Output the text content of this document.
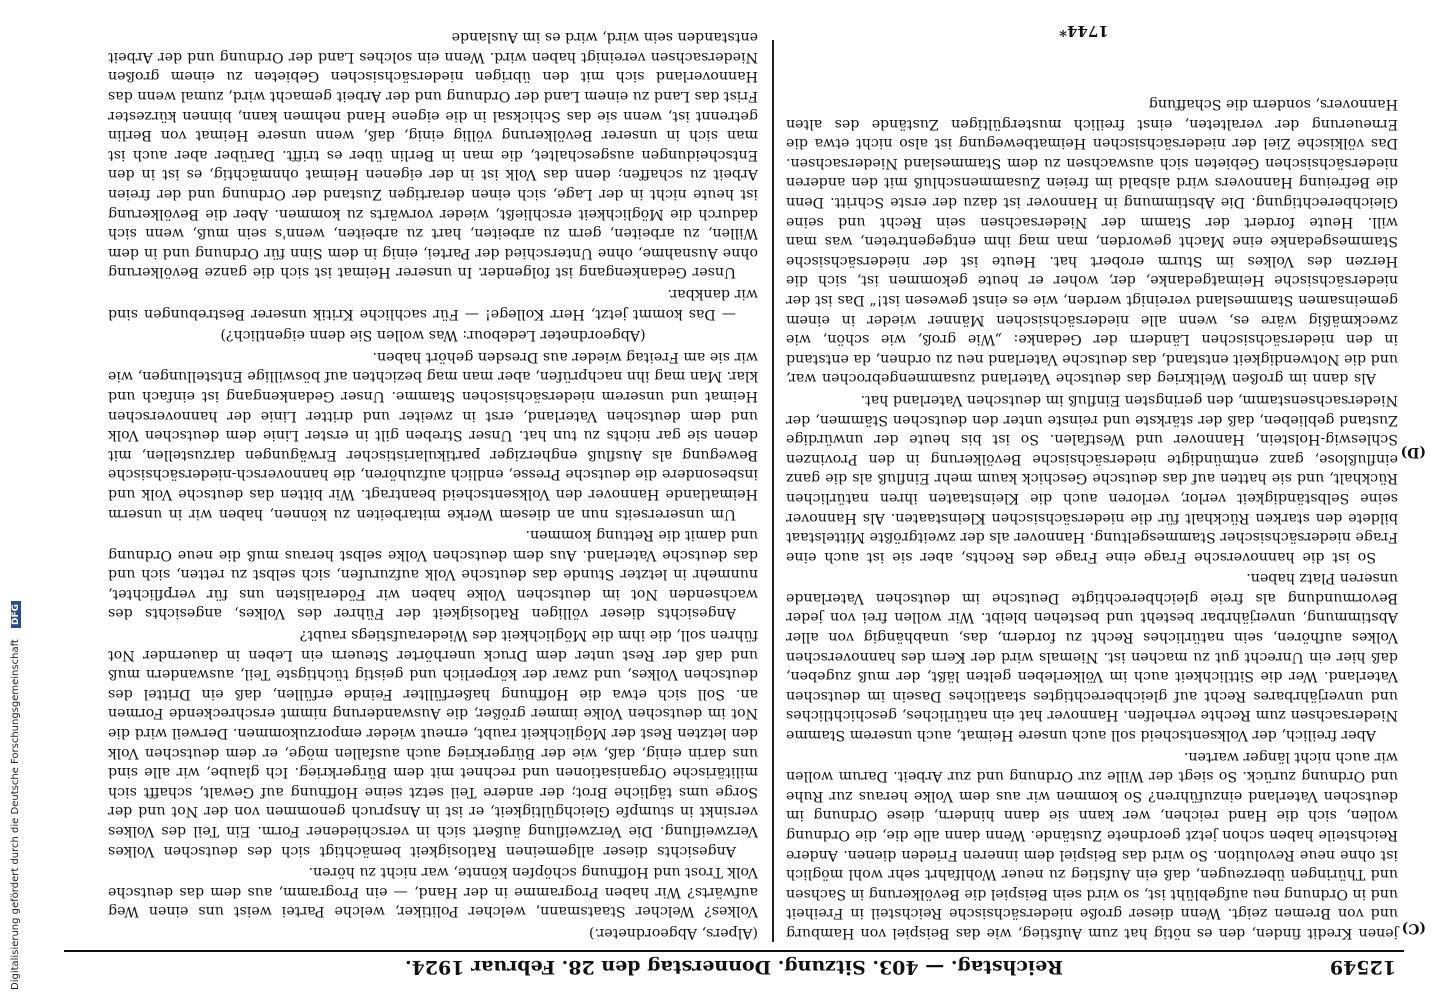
Digitalisierung gefördert durch die Deutsche Forschungsgemeinschaft DFG
12549
Reichstag. — 403. Sitzung. Donnerstag den 28. Februar 1924.
(C)
(D)

jenen Kredit finden, den es nötig hat zum Aufstieg, wie das Beispiel von Hamburg und von Bremen zeigt. Wenn dieser große niedersächsische Reichsteil in Freiheit und in Ordnung neu aufgeblüht ist, so wird sein Beispiel die Bevölkerung in Sachsen und Thüringen überzeugen, daß ein Aufstieg zu neuer Wohlfahrt sehr wohl möglich ist ohne neue Revolution. So wird das Beispiel dem inneren Frieden dienen. Andere Reichsteile haben schon jetzt geordnete Zustände. Wenn dann alle die, die Ordnung wollen, sich die Hand reichen, wer kann sie dann hindern, diese Ordnung im deutschen Vaterland einzuführen? So kommen wir aus dem Volke heraus zur Ruhe und Ordnung zurück. So siegt der Wille zur Ordnung und zur Arbeit. Darum wollen wir auch nicht länger warten.

Aber freilich, der Volksentscheid soll auch unsere Heimat, auch unserem Stamme Niedersachsen zum Rechte verhelfen. Hannover hat ein natürliches, geschichtliches und unverjährbares Recht auf gleichberechtigtes staatliches Dasein im deutschen Vaterland. Wer die Sittlichkeit auch im Völkerleben gelten läßt, der muß zugeben, daß hier ein Unrecht gut zu machen ist. Niemals wird der Kern des hannoverschen Volkes aufhören, sein natürliches Recht zu fordern, das, unabhängig von aller Abstimmung, unverjährbar besteht und bestehen bleibt. Wir wollen frei von jeder Bevormundung als freie gleichberechtigte Deutsche im deutschen Vaterlande unseren Platz haben.

So ist die hannoversche Frage eine Frage des Rechts, aber sie ist auch eine Frage niedersächsischer Stammesgeltung. Hannover als der zweitgrößte Mittelstaat bildete den starken Rückhalt für die niedersächsischen Kleinstaaten. Als Hannover seine Selbständigkeit verlor, verloren auch die Kleinstaaten ihren natürlichen Rückhalt, und sie hatten auf das deutsche Geschick kaum mehr Einfluß als die ganz einflußlose, ganz entmündigte niedersächsische Bevölkerung in den Provinzen Schleswig-Holstein, Hannover und Westfalen. So ist bis heute der unwürdige Zustand geblieben, daß der stärkste und reinste unter den deutschen Stämmen, der Niedersachsenstamm, den geringsten Einfluß im deutschen Vaterland hat.

Als dann im großen Weltkrieg das deutsche Vaterland zusammengebrochen war, und die Notwendigkeit entstand, das deutsche Vaterland neu zu ordnen, da entstand in den niedersächsischen Ländern der Gedanke: „Wie groß, wie schön, wie zweckmäßig wäre es, wenn alle niedersächsischen Männer wieder in einem gemeinsamen Stammesland vereinigt werden, wie es einst gewesen ist!“ Das ist der niedersächsische Heimatgedanke, der, woher er heute gekommen ist, sich die Herzen des Volkes im Sturm erobert hat. Heute ist der niedersächsische Stammesgedanke eine Macht geworden, man mag ihm entgegentreten, was man will. Heute fordert der Stamm der Niedersachsen sein Recht und seine Gleichberechtigung. Die Abstimmung in Hannover ist dazu der erste Schritt. Denn die Befreiung Hannovers wird alsbald im freien Zusammenschluß mit den anderen niedersächsischen Gebieten sich auswachsen zu dem Stammesland Niedersachsen. Das völkische Ziel der niedersächsischen Heimatbewegung ist also nicht etwa die Erneuerung der veralteten, einst freilich mustergültigen Zustände des alten Hannovers, sondern die Schaffung

(Alpers, Abgeordneter.)

Volkes? Welcher Staatsmann, welcher Politiker, welche Partei weist uns einen Weg aufwärts? Wir haben Programme in der Hand, — ein Programm, aus dem das deutsche Volk Trost und Hoffnung schöpfen könnte, war nicht zu hören.

Angesichts dieser allgemeinen Ratlosigkeit bemächtigt sich des deutschen Volkes Verzweiflung. Die Verzweiflung äußert sich in verschiedener Form. Ein Teil des Volkes versinkt in stumpfe Gleichgültigkeit, er ist in Anspruch genommen von der Not und der Sorge ums tägliche Brot; der andere Teil setzt seine Hoffnung auf Gewalt, schafft sich militärische Organisationen und rechnet mit dem Bürgerkrieg. Ich glaube, wir alle sind uns darin einig, daß, wie der Bürgerkrieg auch ausfallen möge, er dem deutschen Volk den letzten Rest der Möglichkeit raubt, erneut wieder emporzukommen. Derweil wird die Not im deutschen Volke immer größer, die Auswanderung nimmt erschreckende Formen an. Soll sich etwa die Hoffnung haßerfüllter Feinde erfüllen, daß ein Drittel des deutschen Volkes, und zwar der körperlich und geistig tüchtigste Teil, auswandern muß und daß der Rest unter dem Druck unerhörter Steuern ein Leben in dauernder Not führen soll, die ihm die Möglichkeit des Wiederaufstiegs raubt?

Angesichts dieser völligen Ratlosigkeit der Führer des Volkes, angesichts des wachsenden Not im deutschen Volke haben wir Föderalisten uns für verpflichtet, nunmehr in letzter Stunde das deutsche Volk aufzurufen, sich selbst zu retten, sich und das deutsche Vaterland. Aus dem deutschen Volke selbst heraus muß die neue Ordnung und damit die Rettung kommen.

Um unsererseits nun an diesem Werke mitarbeiten zu können, haben wir in unserm Heimatlande Hannover den Volksentscheid beantragt. Wir bitten das deutsche Volk und insbesondere die deutsche Presse, endlich aufzuhören, die hannoversch-niedersächsische Bewegung als Ausfluß engherziger partikularistischer Erwägungen darzustellen, mit denen sie gar nichts zu tun hat. Unser Streben gilt in erster Linie dem deutschen Volk und dem deutschen Vaterland, erst in zweiter und dritter Linie der hannoverschen Heimat und unserem niedersächsischen Stamme. Unser Gedankengang ist einfach und klar. Man mag ihn nachprüfen, aber man mag bezichten auf böswillige Entstellungen, wie wir sie am Freitag wieder aus Dresden gehört haben.

(Abgeordneter Ledebour: Was wollen Sie denn eigentlich?)

— Das kommt jetzt, Herr Kollege! — Für sachliche Kritik unserer Bestrebungen sind wir dankbar.

Unser Gedankengang ist folgender. In unserer Heimat ist sich die ganze Bevölkerung ohne Ausnahme, ohne Unterschied der Partei, einig in dem Sinn für Ordnung und in dem Willen, zu arbeiten, gern zu arbeiten, hart zu arbeiten, wenn's sein muß, wenn sich dadurch die Möglichkeit erschließt, wieder vorwärts zu kommen. Aber die Bevölkerung ist heute nicht in der Lage, sich einen derartigen Zustand der Ordnung und der freien Arbeit zu schaffen; denn das Volk ist in der eigenen Heimat ohnmächtig, es ist in den Entscheidungen ausgeschaltet, die man in Berlin über es trifft. Darüber aber auch ist man sich in unserer Bevölkerung völlig einig, daß, wenn unsere Heimat von Berlin getrennt ist, wenn sie das Schicksal in die eigene Hand nehmen kann, binnen kürzester Frist das Land zu einem Land der Ordnung und der Arbeit gemacht wird, zumal wenn das Hannoverland sich mit den übrigen niedersächsischen Gebieten zu einem großen Niedersachsen vereinigt haben wird. Wenn ein solches Land der Ordnung und der Arbeit entstanden sein wird, wird es im Auslande	1744*
